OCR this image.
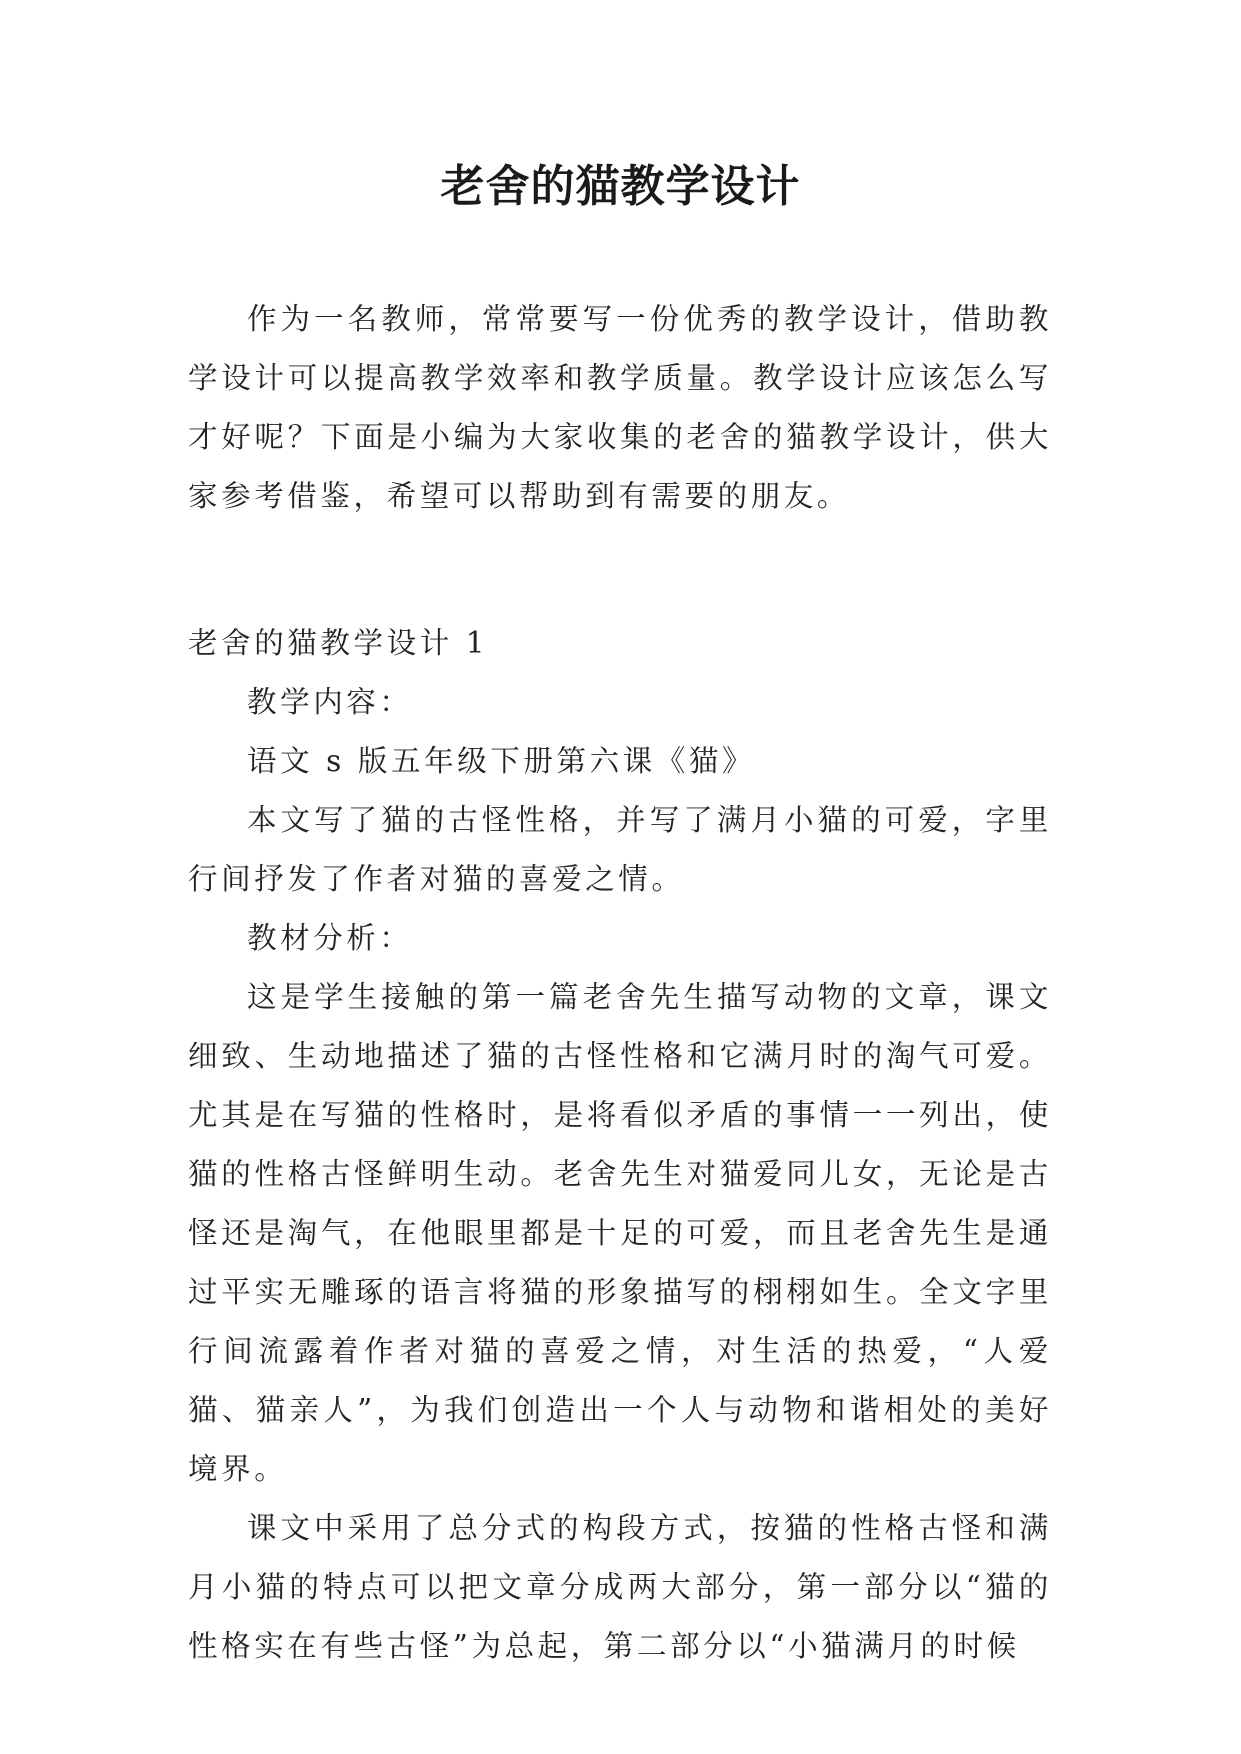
老舍的猫教学设计

作为一名教师，常常要写一份优秀的教学设计，借助教学设计可以提高教学效率和教学质量。教学设计应该怎么写才好呢？下面是小编为大家收集的老舍的猫教学设计，供大家参考借鉴，希望可以帮助到有需要的朋友。

老舍的猫教学设计 1

教学内容：

语文 s 版五年级下册第六课《猫》

本文写了猫的古怪性格，并写了满月小猫的可爱，字里行间抒发了作者对猫的喜爱之情。

教材分析：

这是学生接触的第一篇老舍先生描写动物的文章，课文细致、生动地描述了猫的古怪性格和它满月时的淘气可爱。尤其是在写猫的性格时，是将看似矛盾的事情一一列出，使猫的性格古怪鲜明生动。老舍先生对猫爱同儿女，无论是古怪还是淘气，在他眼里都是十足的可爱，而且老舍先生是通过平实无雕琢的语言将猫的形象描写的栩栩如生。全文字里行间流露着作者对猫的喜爱之情，对生活的热爱，“人爱猫、猫亲人”，为我们创造出一个人与动物和谐相处的美好境界。

课文中采用了总分式的构段方式，按猫的性格古怪和满月小猫的特点可以把文章分成两大部分，第一部分以“猫的性格实在有些古怪”为总起，第二部分以“小猫满月的时候
